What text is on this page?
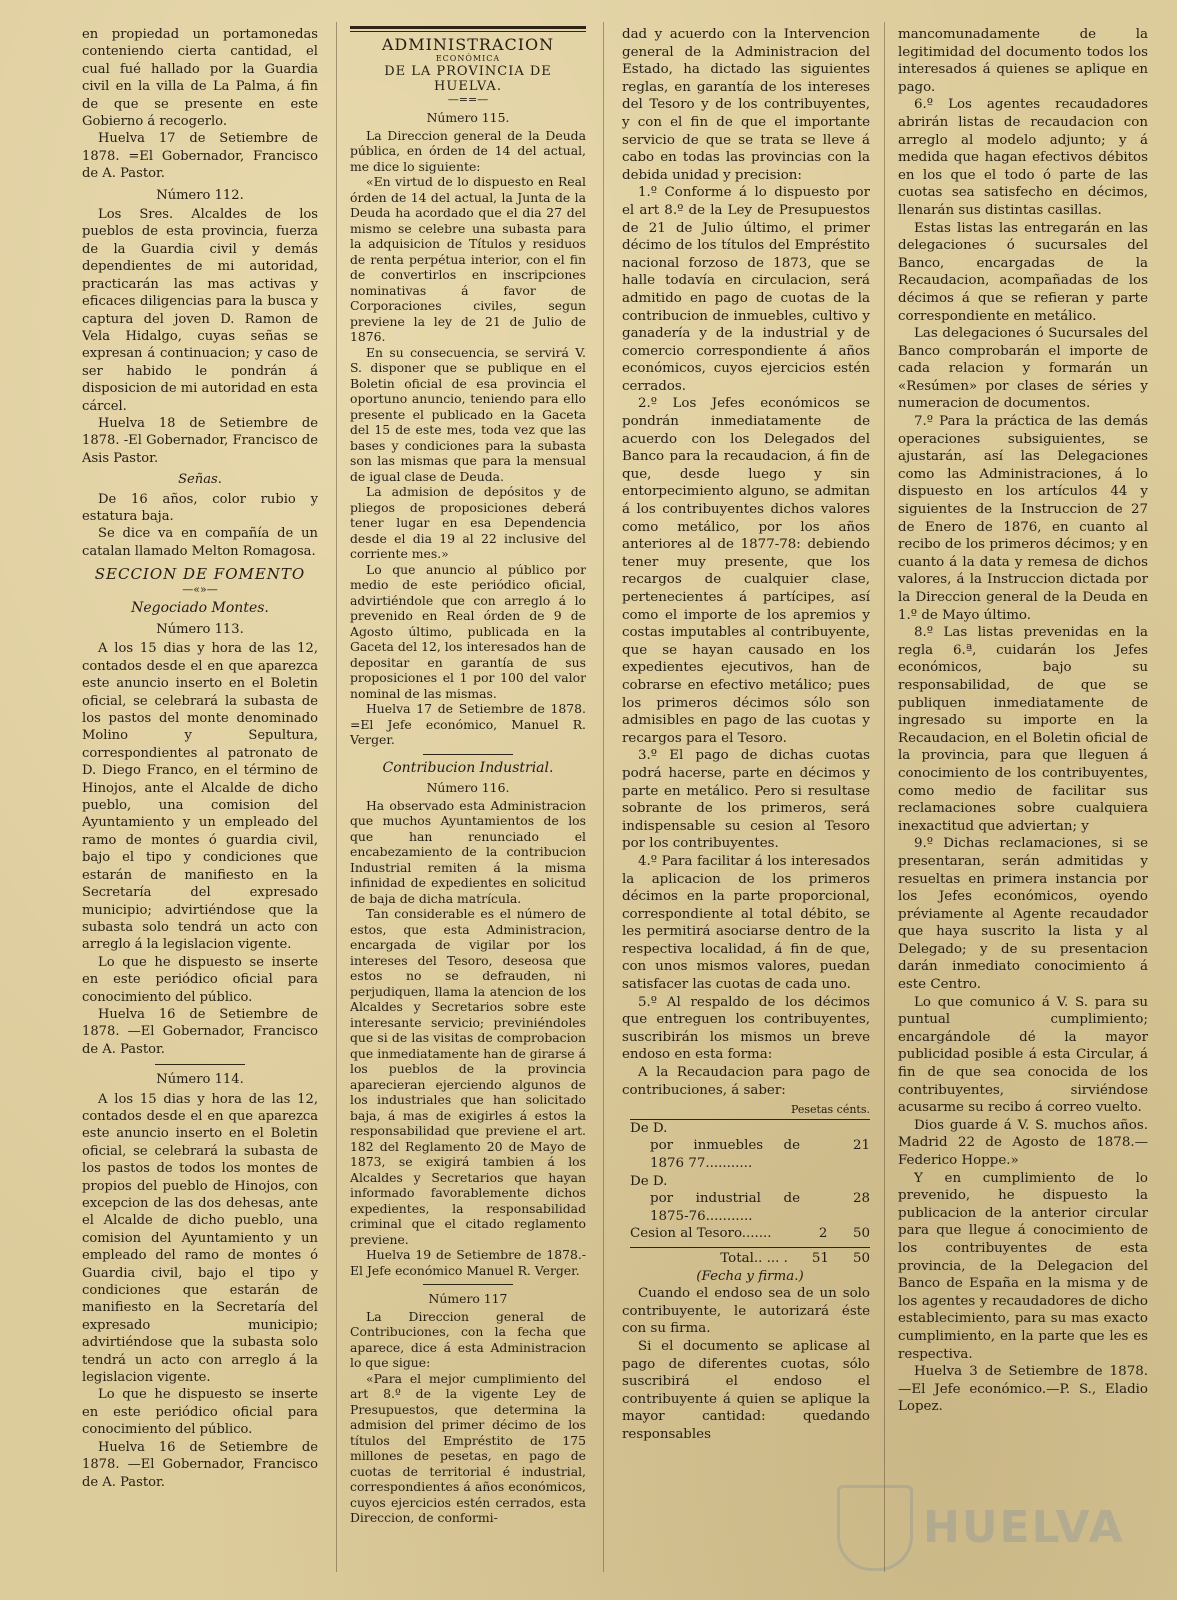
en propiedad un portamonedas conteniendo cierta cantidad, el cual fué hallado por la Guardia civil en la villa de La Palma, á fin de que se presente en este Gobierno á recogerlo.

Huelva 17 de Setiembre de 1878. =El Gobernador, Francisco de A. Pastor.

Número 112.

Los Sres. Alcaldes de los pueblos de esta provincia, fuerza de la Guardia civil y demás dependientes de mi autoridad, practicarán las mas activas y eficaces diligencias para la busca y captura del joven D. Ramon de Vela Hidalgo, cuyas señas se expresan á continuacion; y caso de ser habido le pondrán á disposicion de mi autoridad en esta cárcel.

Huelva 18 de Setiembre de 1878. -El Gobernador, Francisco de Asis Pastor.

Señas.

De 16 años, color rubio y estatura baja.

Se dice va en compañía de un catalan llamado Melton Romagosa.

SECCION DE FOMENTO
—«»—
Negociado Montes.
Número 113.

A los 15 dias y hora de las 12, contados desde el en que aparezca este anuncio inserto en el Boletin oficial, se celebrará la subasta de los pastos del monte denominado Molino y Sepultura, correspondientes al patronato de D. Diego Franco, en el término de Hinojos, ante el Alcalde de dicho pueblo, una comision del Ayuntamiento y un empleado del ramo de montes ó guardia civil, bajo el tipo y condiciones que estarán de manifiesto en la Secretaría del expresado municipio; advirtiéndose que la subasta solo tendrá un acto con arreglo á la legislacion vigente.

Lo que he dispuesto se inserte en este periódico oficial para conocimiento del público.

Huelva 16 de Setiembre de 1878. —El Gobernador, Francisco de A. Pastor.

Número 114.

A los 15 dias y hora de las 12, contados desde el en que aparezca este anuncio inserto en el Boletin oficial, se celebrará la subasta de los pastos de todos los montes de propios del pueblo de Hinojos, con excepcion de las dos dehesas, ante el Alcalde de dicho pueblo, una comision del Ayuntamiento y un empleado del ramo de montes ó Guardia civil, bajo el tipo y condiciones que estarán de manifiesto en la Secretaría del expresado municipio; advirtiéndose que la subasta solo tendrá un acto con arreglo á la legislacion vigente.

Lo que he dispuesto se inserte en este periódico oficial para conocimiento del público.

Huelva 16 de Setiembre de 1878. —El Gobernador, Francisco de A. Pastor.

ADMINISTRACION
ECONÓMICA
DE LA PROVINCIA DE HUELVA.
—==—
Número 115.

La Direccion general de la Deuda pública, en órden de 14 del actual, me dice lo siguiente:

«En virtud de lo dispuesto en Real órden de 14 del actual, la Junta de la Deuda ha acordado que el dia 27 del mismo se celebre una subasta para la adquisicion de Títulos y residuos de renta perpétua interior, con el fin de convertirlos en inscripciones nominativas á favor de Corporaciones civiles, segun previene la ley de 21 de Julio de 1876.

En su consecuencia, se servirá V. S. disponer que se publique en el Boletin oficial de esa provincia el oportuno anuncio, teniendo para ello presente el publicado en la Gaceta del 15 de este mes, toda vez que las bases y condiciones para la subasta son las mismas que para la mensual de igual clase de Deuda.

La admision de depósitos y de pliegos de proposiciones deberá tener lugar en esa Dependencia desde el dia 19 al 22 inclusive del corriente mes.»

Lo que anuncio al público por medio de este periódico oficial, advirtiéndole que con arreglo á lo prevenido en Real órden de 9 de Agosto último, publicada en la Gaceta del 12, los interesados han de depositar en garantía de sus proposiciones el 1 por 100 del valor nominal de las mismas.

Huelva 17 de Setiembre de 1878. =El Jefe económico, Manuel R. Verger.

Contribucion Industrial.
Número 116.

Ha observado esta Administracion que muchos Ayuntamientos de los que han renunciado el encabezamiento de la contribucion Industrial remiten á la misma infinidad de expedientes en solicitud de baja de dicha matrícula.

Tan considerable es el número de estos, que esta Administracion, encargada de vigilar por los intereses del Tesoro, deseosa que estos no se defrauden, ni perjudiquen, llama la atencion de los Alcaldes y Secretarios sobre este interesante servicio; previniéndoles que si de las visitas de comprobacion que inmediatamente han de girarse á los pueblos de la provincia aparecieran ejerciendo algunos de los industriales que han solicitado baja, á mas de exigirles á estos la responsabilidad que previene el art. 182 del Reglamento 20 de Mayo de 1873, se exigirá tambien á los Alcaldes y Secretarios que hayan informado favorablemente dichos expedientes, la responsabilidad criminal que el citado reglamento previene.

Huelva 19 de Setiembre de 1878.- El Jefe económico Manuel R. Verger.

Número 117

La Direccion general de Contribuciones, con la fecha que aparece, dice á esta Administracion lo que sigue:

«Para el mejor cumplimiento del art 8.º de la vigente Ley de Presupuestos, que determina la admision del primer décimo de los títulos del Empréstito de 175 millones de pesetas, en pago de cuotas de territorial é industrial, correspondientes á años económicos, cuyos ejercicios estén cerrados, esta Direccion, de conformi-

dad y acuerdo con la Intervencion general de la Administracion del Estado, ha dictado las siguientes reglas, en garantía de los intereses del Tesoro y de los contribuyentes, y con el fin de que el importante servicio de que se trata se lleve á cabo en todas las provincias con la debida unidad y precision:

1.º Conforme á lo dispuesto por el art 8.º de la Ley de Presupuestos de 21 de Julio último, el primer décimo de los títulos del Empréstito nacional forzoso de 1873, que se halle todavía en circulacion, será admitido en pago de cuotas de la contribucion de inmuebles, cultivo y ganadería y de la industrial y de comercio correspondiente á años económicos, cuyos ejercicios estén cerrados.

2.º Los Jefes económicos se pondrán inmediatamente de acuerdo con los Delegados del Banco para la recaudacion, á fin de que, desde luego y sin entorpecimiento alguno, se admitan á los contribuyentes dichos valores como metálico, por los años anteriores al de 1877-78: debiendo tener muy presente, que los recargos de cualquier clase, pertenecientes á partícipes, así como el importe de los apremios y costas imputables al contribuyente, que se hayan causado en los expedientes ejecutivos, han de cobrarse en efectivo metálico; pues los primeros décimos sólo son admisibles en pago de las cuotas y recargos para el Tesoro.

3.º El pago de dichas cuotas podrá hacerse, parte en décimos y parte en metálico. Pero si resultase sobrante de los primeros, será indispensable su cesion al Tesoro por los contribuyentes.

4.º Para facilitar á los interesados la aplicacion de los primeros décimos en la parte proporcional, correspondiente al total débito, se les permitirá asociarse dentro de la respectiva localidad, á fin de que, con unos mismos valores, puedan satisfacer las cuotas de cada uno.

5.º Al respaldo de los décimos que entreguen los contribuyentes, suscribirán los mismos un breve endoso en esta forma:

A la Recaudacion para pago de contribuciones, á saber:

Pesetas cénts.
De D.
por inmuebles de 1876 77...........
21
De D.
por industrial de 1875-76...........
28
Cesion al Tesoro.......	2 50
Total.. ... . 51 50
(Fecha y firma.)

Cuando el endoso sea de un solo contribuyente, le autorizará éste con su firma.

Si el documento se aplicase al pago de diferentes cuotas, sólo suscribirá el endoso el contribuyente á quien se aplique la mayor cantidad: quedando responsables

mancomunadamente de la legitimidad del documento todos los interesados á quienes se aplique en pago.

6.º Los agentes recaudadores abrirán listas de recaudacion con arreglo al modelo adjunto; y á medida que hagan efectivos débitos en los que el todo ó parte de las cuotas sea satisfecho en décimos, llenarán sus distintas casillas.

Estas listas las entregarán en las delegaciones ó sucursales del Banco, encargadas de la Recaudacion, acompañadas de los décimos á que se refieran y parte correspondiente en metálico.

Las delegaciones ó Sucursales del Banco comprobarán el importe de cada relacion y formarán un «Resúmen» por clases de séries y numeracion de documentos.

7.º Para la práctica de las demás operaciones subsiguientes, se ajustarán, así las Delegaciones como las Administraciones, á lo dispuesto en los artículos 44 y siguientes de la Instruccion de 27 de Enero de 1876, en cuanto al recibo de los primeros décimos; y en cuanto á la data y remesa de dichos valores, á la Instruccion dictada por la Direccion general de la Deuda en 1.º de Mayo último.

8.º Las listas prevenidas en la regla 6.ª, cuidarán los Jefes económicos, bajo su responsabilidad, de que se publiquen inmediatamente de ingresado su importe en la Recaudacion, en el Boletin oficial de la provincia, para que lleguen á conocimiento de los contribuyentes, como medio de facilitar sus reclamaciones sobre cualquiera inexactitud que adviertan; y

9.º Dichas reclamaciones, si se presentaran, serán admitidas y resueltas en primera instancia por los Jefes económicos, oyendo préviamente al Agente recaudador que haya suscrito la lista y al Delegado; y de su presentacion darán inmediato conocimiento á este Centro.

Lo que comunico á V. S. para su puntual cumplimiento; encargándole dé la mayor publicidad posible á esta Circular, á fin de que sea conocida de los contribuyentes, sirviéndose acusarme su recibo á correo vuelto.

Dios guarde á V. S. muchos años. Madrid 22 de Agosto de 1878.—Federico Hoppe.»

Y en cumplimiento de lo prevenido, he dispuesto la publicacion de la anterior circular para que llegue á conocimiento de los contribuyentes de esta provincia, de la Delegacion del Banco de España en la misma y de los agentes y recaudadores de dicho establecimiento, para su mas exacto cumplimiento, en la parte que les es respectiva.

Huelva 3 de Setiembre de 1878. —El Jefe económico.—P. S., Eladio Lopez.

HUELVA
